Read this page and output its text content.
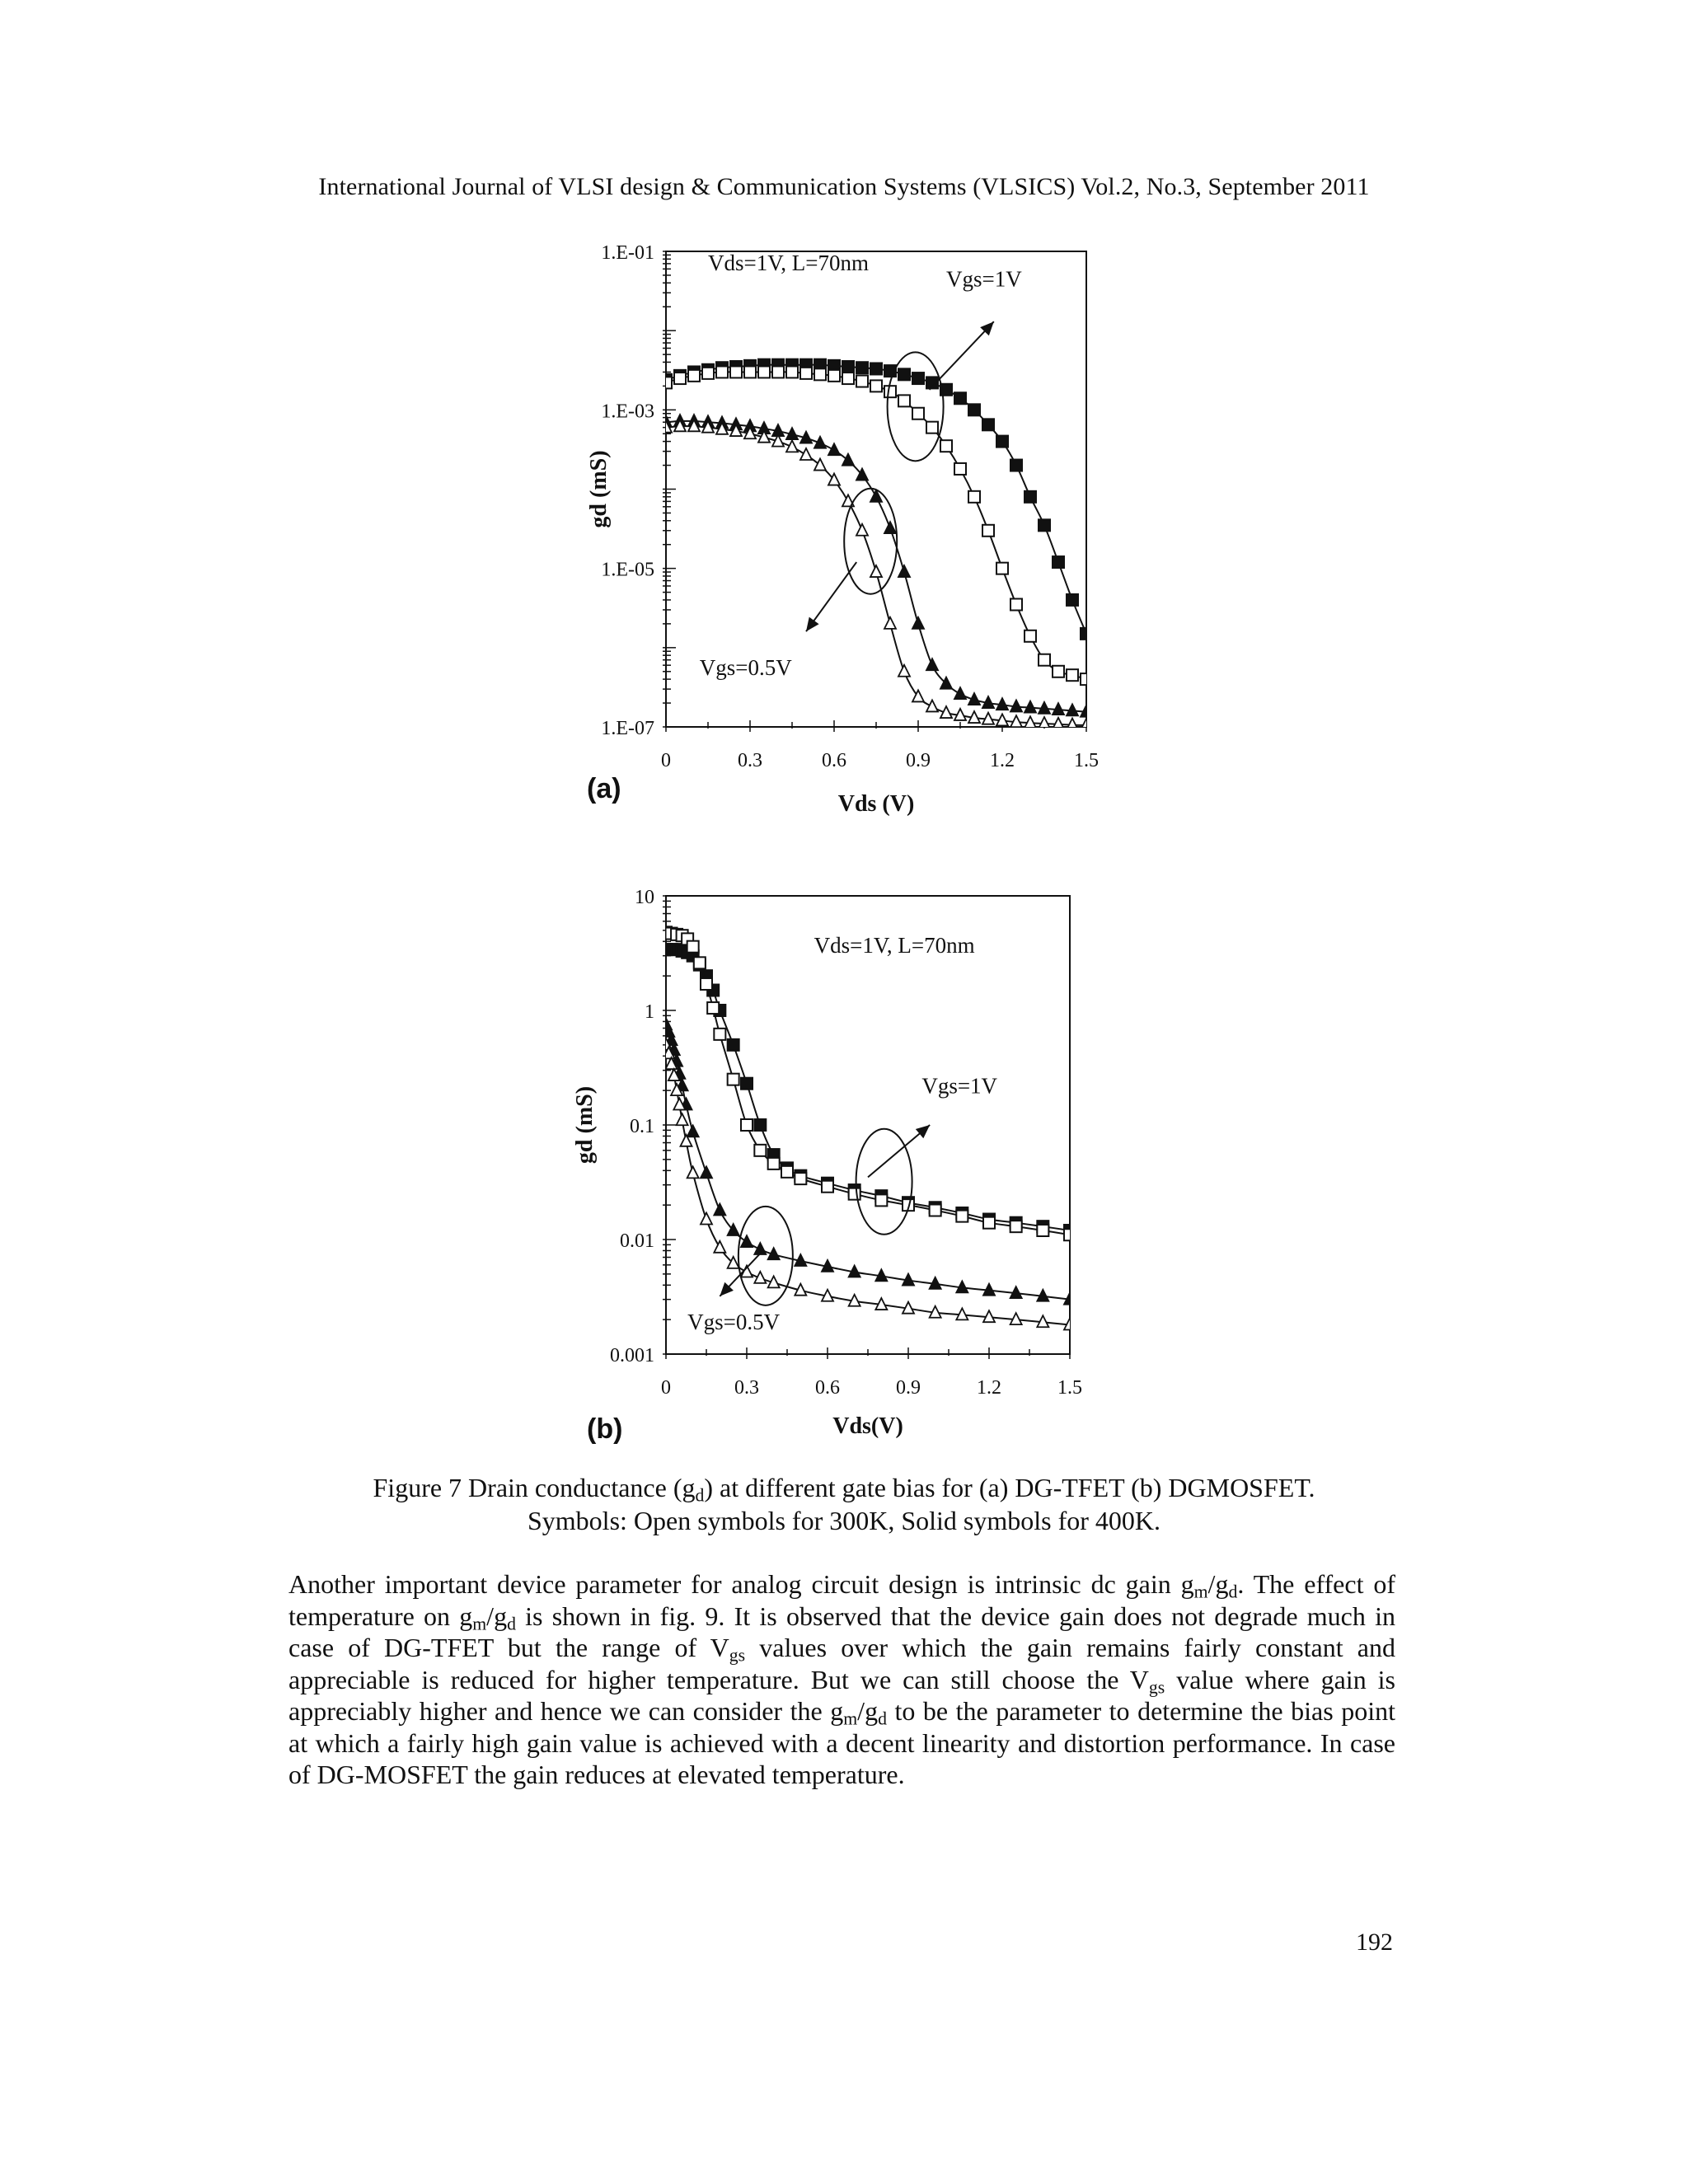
International Journal of VLSI design & Communication Systems (VLSICS) Vol.2, No.3, September 2011
1.E-07
1.E-05
1.E-03
1.E-01
0	0.3	0.6	0.9	1.2	1.5
Vds (V)
gd (mS)
(a)
Vds=1V, L=70nm
Vgs=1V
Vgs=0.5V
0.001
0.01
0.1
1
10
0	0.3	0.6	0.9	1.2	1.5
Vds(V)
gd (mS)
(b)
Vds=1V, L=70nm
Vgs=1V
Vgs=0.5V
Figure 7 Drain conductance $(g_d)$ at different gate bias for (a) DG-TFET (b) DGMOSFET.
Symbols: Open symbols for 300K, Solid symbols for 400K.
Another important device parameter for analog circuit design is intrinsic dc gain $g_m/g_d$. The effect of temperature on $g_m/g_d$ is shown in fig. 9. It is observed that the device gain does not degrade much in case of DG-TFET but the range of $V_{gs}$ values over which the gain remains fairly constant and appreciable is reduced for higher temperature. But we can still choose the $V_{gs}$ value where gain is appreciably higher and hence we can consider the $g_m/g_d$ to be the parameter to determine the bias point at which a fairly high gain value is achieved with a decent linearity and distortion performance. In case of DG-MOSFET the gain reduces at elevated temperature.
192
